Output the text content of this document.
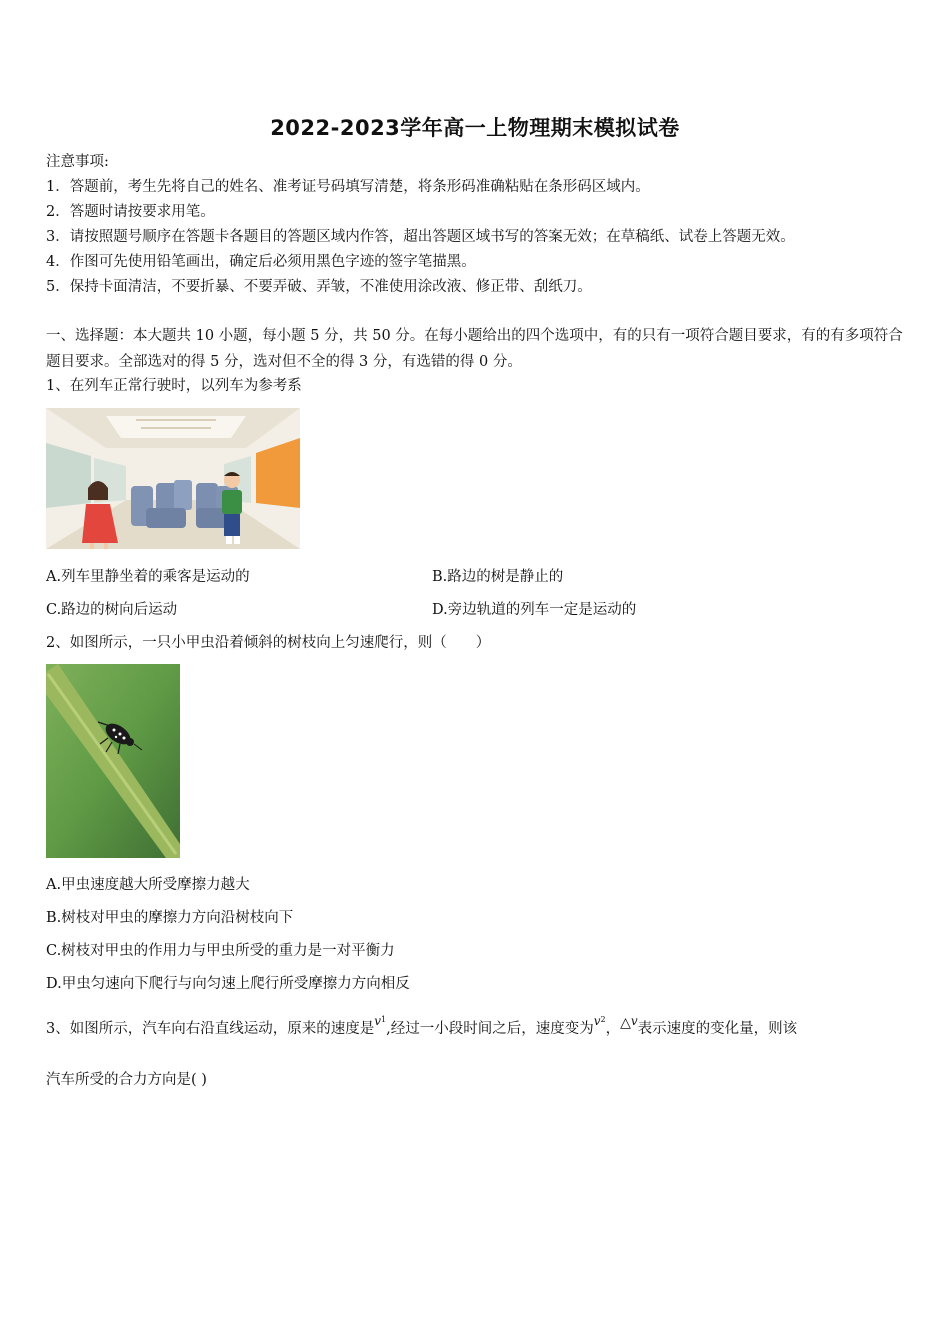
2022-2023学年高一上物理期末模拟试卷
注意事项:
1．答题前，考生先将自己的姓名、准考证号码填写清楚，将条形码准确粘贴在条形码区域内。
2．答题时请按要求用笔。
3．请按照题号顺序在答题卡各题目的答题区域内作答，超出答题区域书写的答案无效；在草稿纸、试卷上答题无效。
4．作图可先使用铅笔画出，确定后必须用黑色字迹的签字笔描黑。
5．保持卡面清洁，不要折暴、不要弄破、弄皱，不准使用涂改液、修正带、刮纸刀。
一、选择题：本大题共 10 小题，每小题 5 分，共 50 分。在每小题给出的四个选项中，有的只有一项符合题目要求，有的有多项符合题目要求。全部选对的得 5 分，选对但不全的得 3 分，有选错的得 0 分。
1、在列车正常行驶时，以列车为参考系
A.列车里静坐着的乘客是运动的	B.路边的树是静止的
C.路边的树向后运动	D.旁边轨道的列车一定是运动的
2、如图所示，一只小甲虫沿着倾斜的树枝向上匀速爬行，则（　　）
A.甲虫速度越大所受摩擦力越大
B.树枝对甲虫的摩擦力方向沿树枝向下
C.树枝对甲虫的作用力与甲虫所受的重力是一对平衡力
D.甲虫匀速向下爬行与向匀速上爬行所受摩擦力方向相反
3、如图所示，汽车向右沿直线运动，原来的速度是$^{v^1}$,经过一小段时间之后，速度变为$^{v^2}$，△$^v$表示速度的变化量，则该
汽车所受的合力方向是( )
